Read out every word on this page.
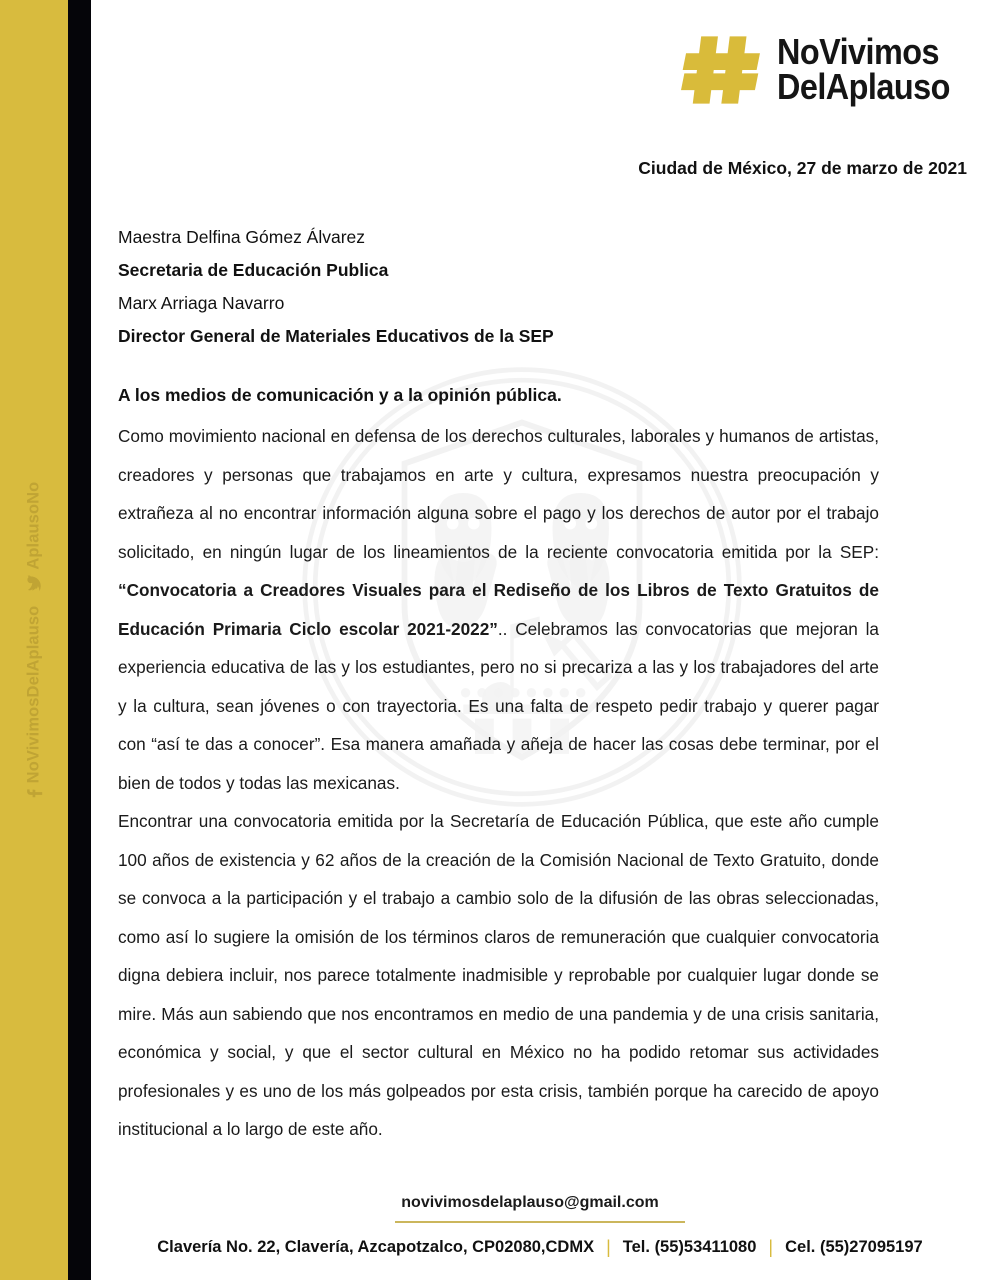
NoVivimosDelAplauso
AplausoNo
NoVivimos
DelAplauso
Ciudad de México, 27 de marzo de 2021
Maestra Delfina Gómez Álvarez
Secretaria de Educación Publica
Marx Arriaga Navarro
Director General de Materiales Educativos de la SEP
A los medios de comunicación y a la opinión pública.

Como movimiento nacional en defensa de los derechos culturales, laborales y humanos de artistas, creadores y personas que trabajamos en arte y cultura, expresamos nuestra preocupación y extrañeza al no encontrar información alguna sobre el pago y los derechos de autor por el trabajo solicitado, en ningún lugar de los lineamientos de la reciente convocatoria emitida por la SEP: “Convocatoria a Creadores Visuales para el Rediseño de los Libros de Texto Gratuitos de Educación Primaria Ciclo escolar 2021-2022”.. Celebramos las convocatorias que mejoran la experiencia educativa de las y los estudiantes, pero no si precariza a las y los trabajadores del arte y la cultura, sean jóvenes o con trayectoria. Es una falta de respeto pedir trabajo y querer pagar con “así te das a conocer”. Esa manera amañada y añeja de hacer las cosas debe terminar, por el bien de todos y todas las mexicanas.

Encontrar una convocatoria emitida por la Secretaría de Educación Pública, que este año cumple 100 años de existencia y 62 años de la creación de la Comisión Nacional de Texto Gratuito, donde se convoca a la participación y el trabajo a cambio solo de la difusión de las obras seleccionadas, como así lo sugiere la omisión de los términos claros de remuneración que cualquier convocatoria digna debiera incluir, nos parece totalmente inadmisible y reprobable por cualquier lugar donde se mire. Más aun sabiendo que nos encontramos en medio de una pandemia y de una crisis sanitaria, económica y social, y que el sector cultural en México no ha podido retomar sus actividades profesionales y es uno de los más golpeados por esta crisis, también porque ha carecido de apoyo institucional a lo largo de este año.

novivimosdelaplauso@gmail.com
Clavería No. 22, Clavería, Azcapotzalco, CP02080,CDMX | Tel. (55)53411080 | Cel. (55)27095197
